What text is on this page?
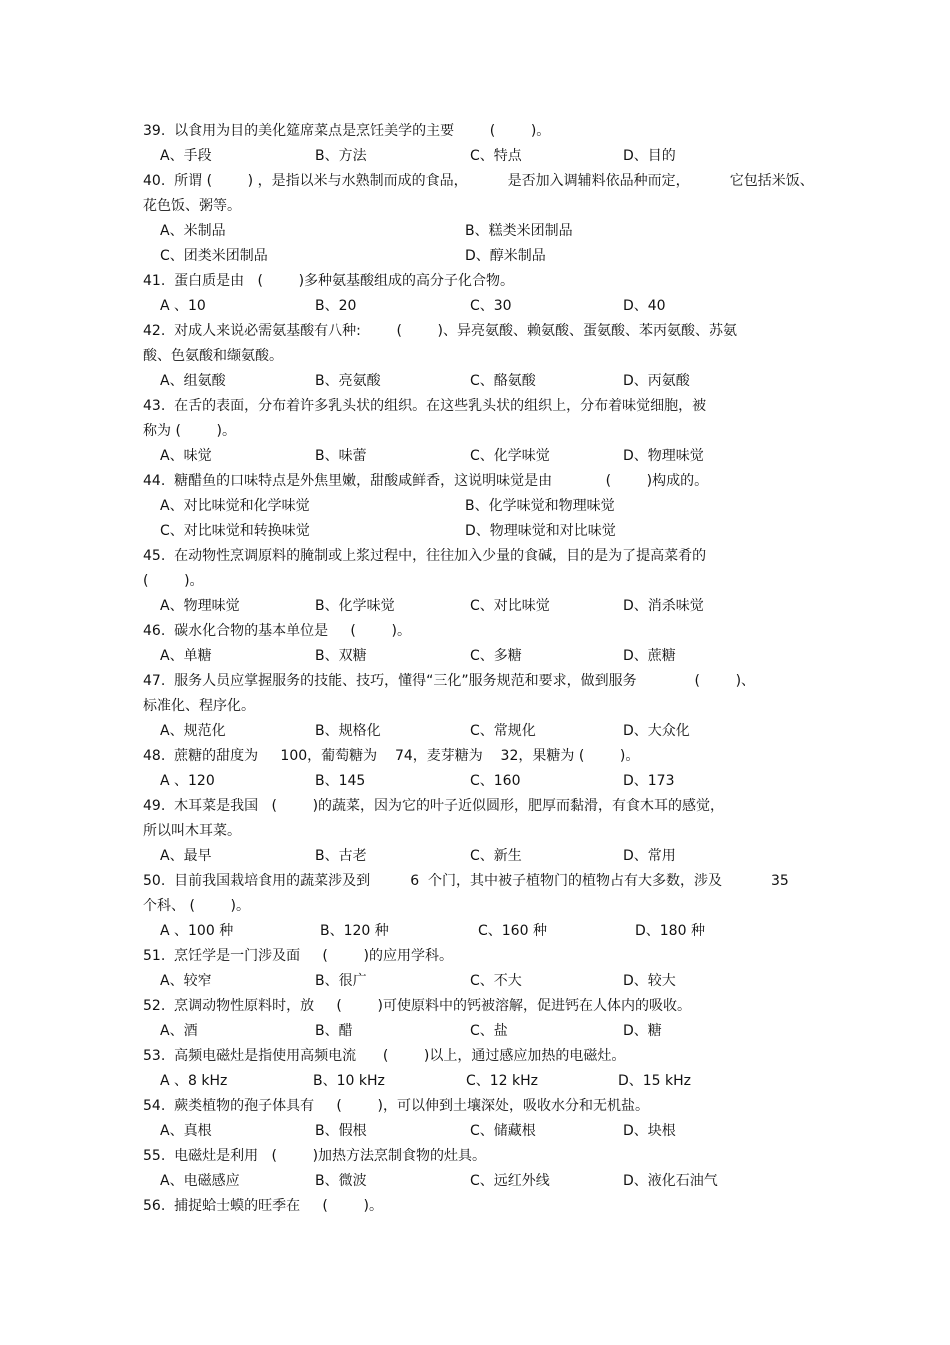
39.  以食用为目的美化筵席菜点是烹饪美学的主要        (        )。
A、手段	B、方法	C、特点	D、目的
40.  所谓 (        ) ，是指以米与水熟制而成的食品，         是否加入调辅料依品种而定，         它包括米饭、
花色饭、粥等。
A、米制品	B、糕类米团制品
C、团类米团制品	D、醇米制品
41.  蛋白质是由   (        )多种氨基酸组成的高分子化合物。
A 、10	B、20	C、30	D、40
42.  对成人来说必需氨基酸有八种:        (        )、异亮氨酸、赖氨酸、蛋氨酸、苯丙氨酸、苏氨
酸、色氨酸和缬氨酸。
A、组氨酸	B、亮氨酸	C、酪氨酸	D、丙氨酸
43.  在舌的表面，分布着许多乳头状的组织。在这些乳头状的组织上，分布着味觉细胞，被
称为 (        )。
A、味觉	B、味蕾	C、化学味觉	D、物理味觉
44.  糖醋鱼的口味特点是外焦里嫩，甜酸咸鲜香，这说明味觉是由            (        )构成的。
A、对比味觉和化学味觉	B、化学味觉和物理味觉
C、对比味觉和转换味觉	D、物理味觉和对比味觉
45.  在动物性烹调原料的腌制或上浆过程中，往往加入少量的食碱，目的是为了提高菜肴的
(        )。
A、物理味觉	B、化学味觉	C、对比味觉	D、消杀味觉
46.  碳水化合物的基本单位是     (        )。
A、单糖	B、双糖	C、多糖	D、蔗糖
47.  服务人员应掌握服务的技能、技巧，懂得“三化”服务规范和要求，做到服务             (        )、
标准化、程序化。
A、规范化	B、规格化	C、常规化	D、大众化
48.  蔗糖的甜度为     100，葡萄糖为    74，麦芽糖为    32，果糖为 (        )。
A 、120	B、145	C、160	D、173
49.  木耳菜是我国   (        )的蔬菜，因为它的叶子近似圆形，肥厚而黏滑，有食木耳的感觉，
所以叫木耳菜。
A、最早	B、古老	C、新生	D、常用
50.  目前我国栽培食用的蔬菜涉及到         6  个门，其中被子植物门的植物占有大多数，涉及           35
个科、 (        )。
A 、100 种	B、120 种	C、160 种	D、180 种
51.  烹饪学是一门涉及面     (        )的应用学科。
A、较窄	B、很广	C、不大	D、较大
52.  烹调动物性原料时，放     (        )可使原料中的钙被溶解，促进钙在人体内的吸收。
A、酒	B、醋	C、盐	D、糖
53.  高频电磁灶是指使用高频电流      (        )以上，通过感应加热的电磁灶。
A 、8 kHz	B、10 kHz	C、12 kHz	D、15 kHz
54.  蕨类植物的孢子体具有     (        )，可以伸到土壤深处，吸收水分和无机盐。
A、真根	B、假根	C、储藏根	D、块根
55.  电磁灶是利用   (        )加热方法烹制食物的灶具。
A、电磁感应	B、微波	C、远红外线	D、液化石油气
56.  捕捉蛤士蟆的旺季在     (        )。
